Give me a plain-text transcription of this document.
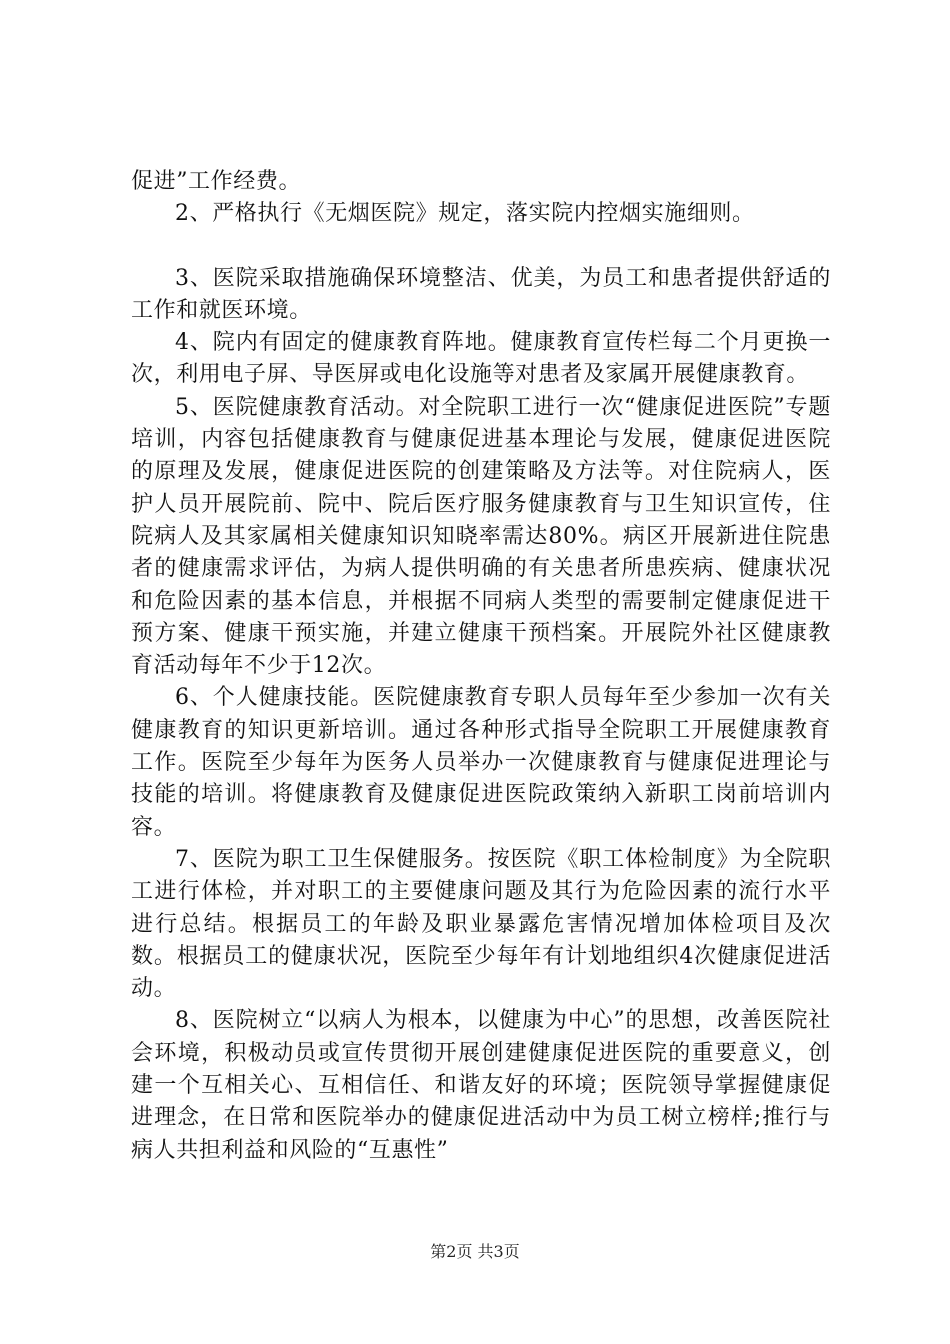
促进”工作经费。

2、严格执行《无烟医院》规定，落实院内控烟实施细则。

3、医院采取措施确保环境整洁、优美，为员工和患者提供舒适的工作和就医环境。

4、院内有固定的健康教育阵地。健康教育宣传栏每二个月更换一次，利用电子屏、导医屏或电化设施等对患者及家属开展健康教育。

5、医院健康教育活动。对全院职工进行一次“健康促进医院”专题培训，内容包括健康教育与健康促进基本理论与发展，健康促进医院的原理及发展，健康促进医院的创建策略及方法等。对住院病人，医护人员开展院前、院中、院后医疗服务健康教育与卫生知识宣传，住院病人及其家属相关健康知识知晓率需达80%。病区开展新进住院患者的健康需求评估，为病人提供明确的有关患者所患疾病、健康状况和危险因素的基本信息，并根据不同病人类型的需要制定健康促进干预方案、健康干预实施，并建立健康干预档案。开展院外社区健康教育活动每年不少于12次。

6、个人健康技能。医院健康教育专职人员每年至少参加一次有关健康教育的知识更新培训。通过各种形式指导全院职工开展健康教育工作。医院至少每年为医务人员举办一次健康教育与健康促进理论与技能的培训。将健康教育及健康促进医院政策纳入新职工岗前培训内容。

7、医院为职工卫生保健服务。按医院《职工体检制度》为全院职工进行体检，并对职工的主要健康问题及其行为危险因素的流行水平进行总结。根据员工的年龄及职业暴露危害情况增加体检项目及次数。根据员工的健康状况，医院至少每年有计划地组织4次健康促进活动。

8、医院树立“以病人为根本，以健康为中心”的思想，改善医院社会环境，积极动员或宣传贯彻开展创建健康促进医院的重要意义，创建一个互相关心、互相信任、和谐友好的环境；医院领导掌握健康促进理念，在日常和医院举办的健康促进活动中为员工树立榜样;推行与病人共担利益和风险的“互惠性”

第2页 共3页
